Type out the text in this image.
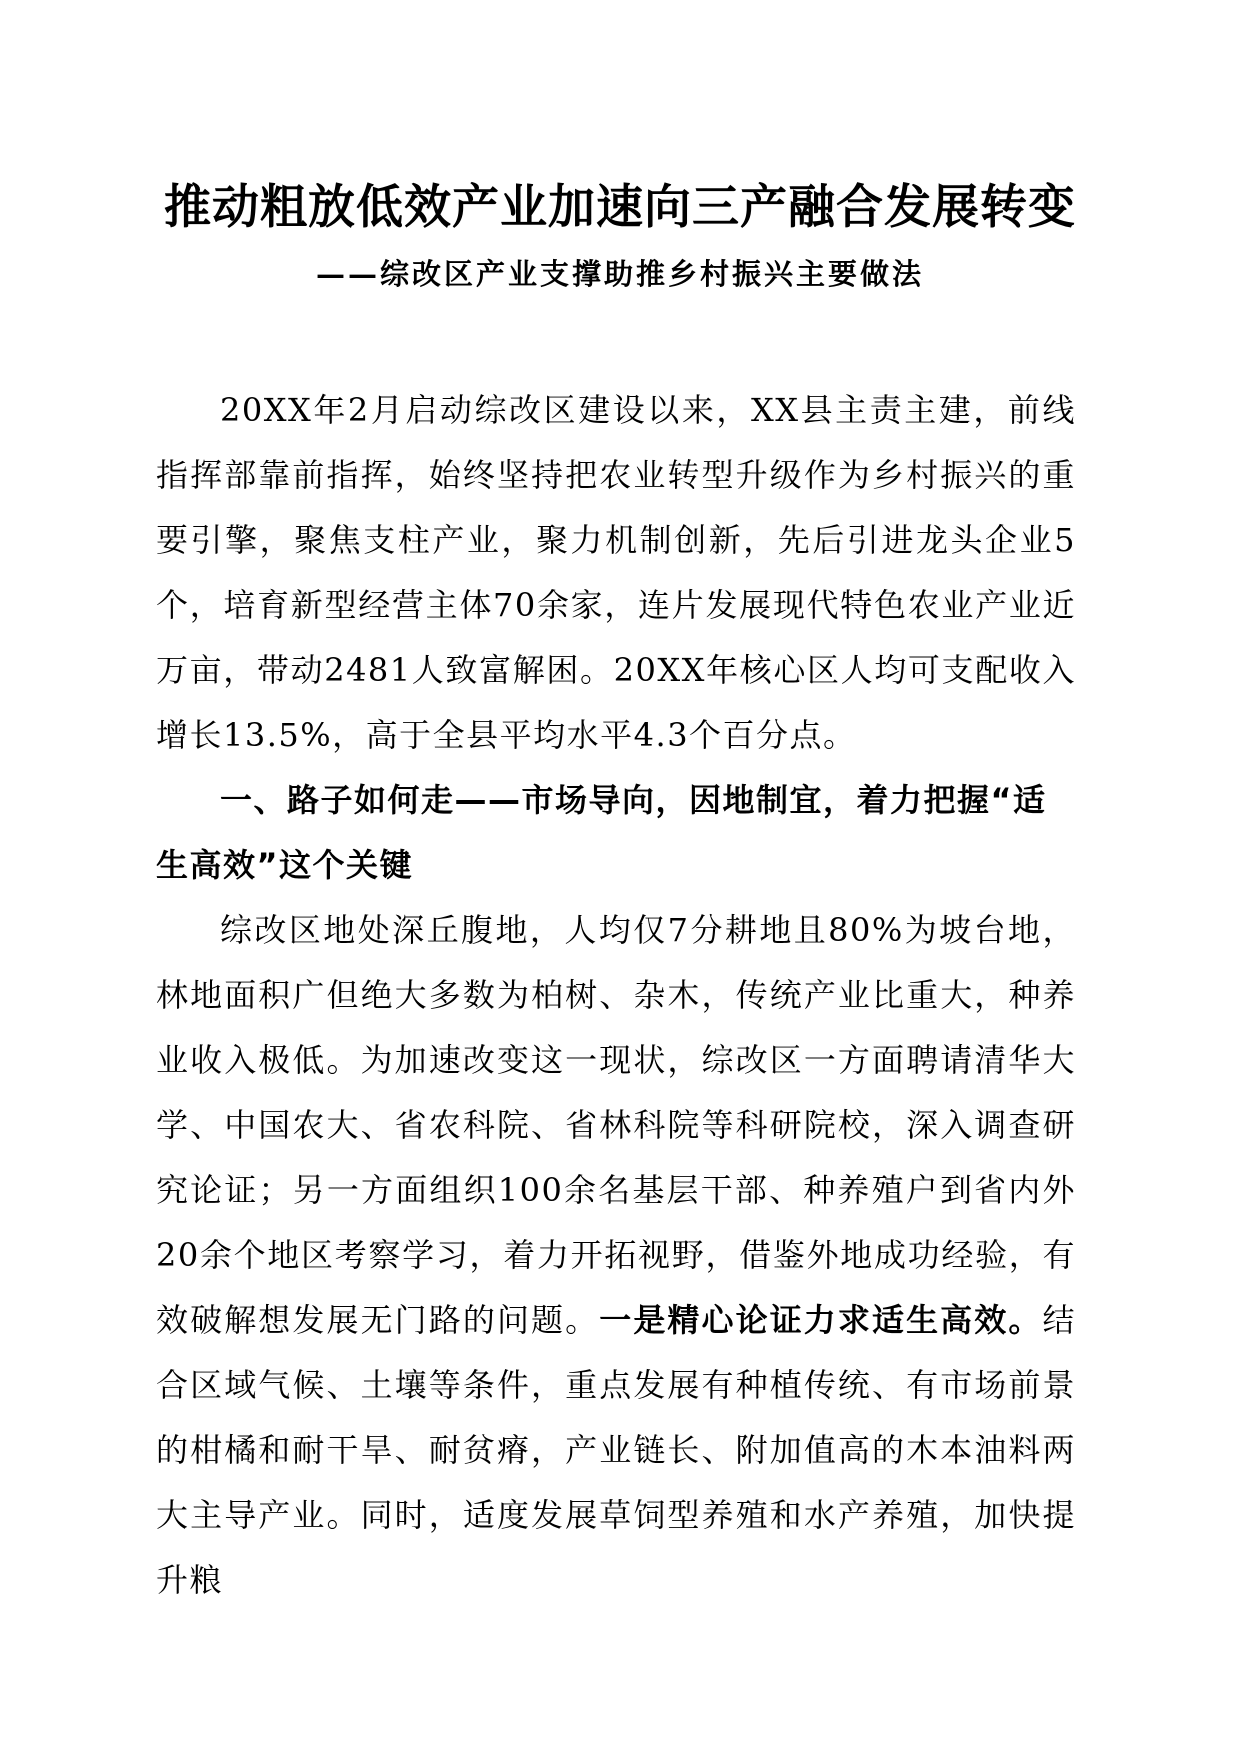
推动粗放低效产业加速向三产融合发展转变
——综改区产业支撑助推乡村振兴主要做法

20XX年2月启动综改区建设以来，XX县主责主建，前线指挥部靠前指挥，始终坚持把农业转型升级作为乡村振兴的重要引擎，聚焦支柱产业，聚力机制创新，先后引进龙头企业5个，培育新型经营主体70余家，连片发展现代特色农业产业近万亩，带动2481人致富解困。20XX年核心区人均可支配收入增长13.5%，高于全县平均水平4.3个百分点。

一、路子如何走——市场导向，因地制宜，着力把握“适生高效”这个关键

综改区地处深丘腹地，人均仅7分耕地且80%为坡台地，林地面积广但绝大多数为柏树、杂木，传统产业比重大，种养业收入极低。为加速改变这一现状，综改区一方面聘请清华大学、中国农大、省农科院、省林科院等科研院校，深入调查研究论证；另一方面组织100余名基层干部、种养殖户到省内外20余个地区考察学习，着力开拓视野，借鉴外地成功经验，有效破解想发展无门路的问题。一是精心论证力求适生高效。结合区域气候、土壤等条件，重点发展有种植传统、有市场前景的柑橘和耐干旱、耐贫瘠，产业链长、附加值高的木本油料两大主导产业。同时，适度发展草饲型养殖和水产养殖，加快提升粮
